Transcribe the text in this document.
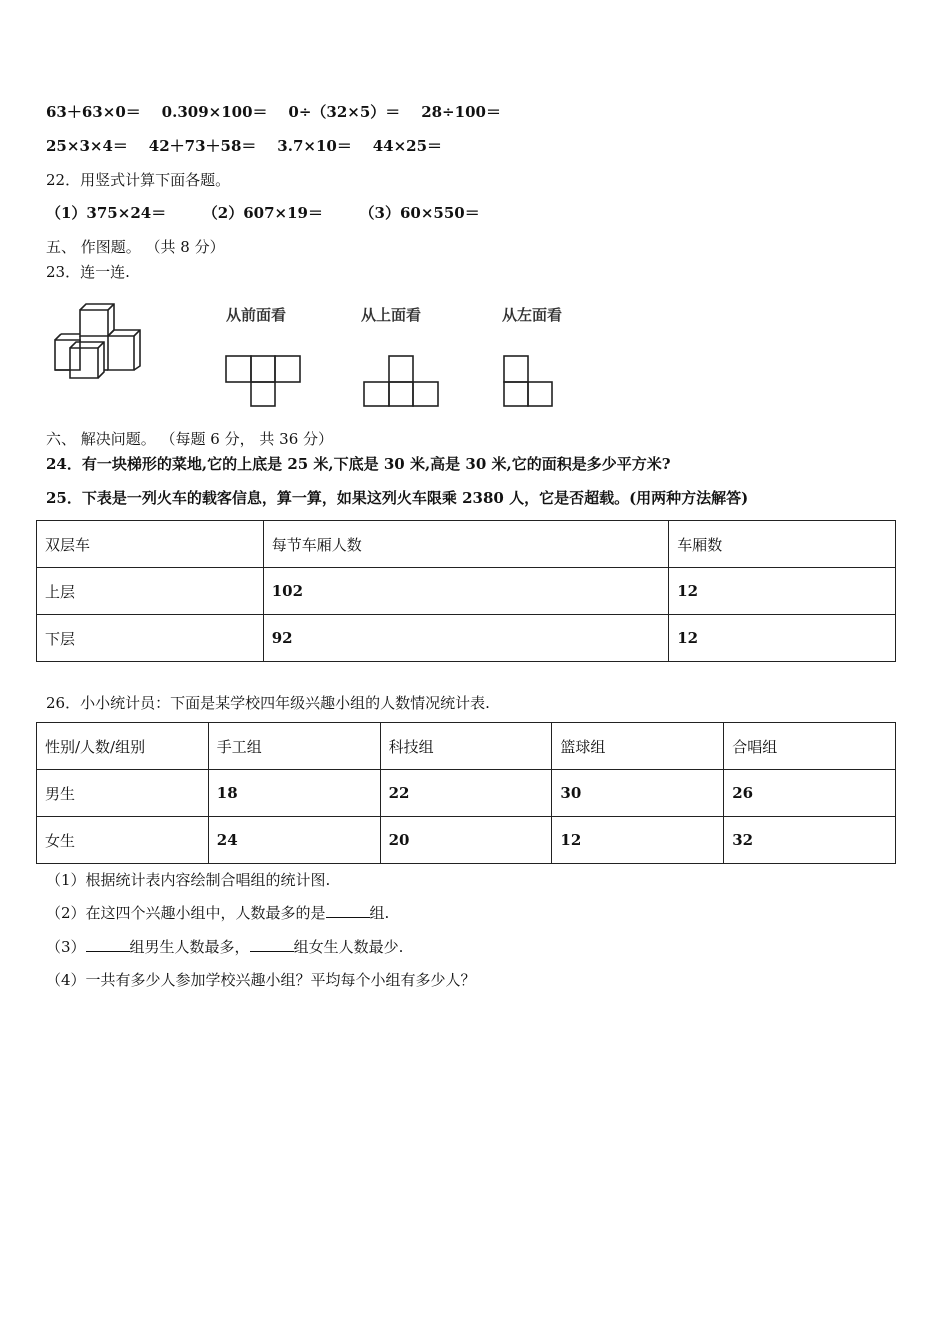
63＋63×0＝ 0.309×100＝ 0÷（32×5）＝ 28÷100＝
25×3×4＝ 42＋73＋58＝ 3.7×10＝ 44×25＝
22．用竖式计算下面各题。
（1）375×24＝ （2）607×19＝ （3）60×550＝
五、 作图题。 （共 8 分）
23．连一连.
从前面看	从上面看	从左面看
六、 解决问题。 （每题 6 分， 共 36 分）
24．有一块梯形的菜地,它的上底是 25 米,下底是 30 米,高是 30 米,它的面积是多少平方米?
25．下表是一列火车的载客信息，算一算，如果这列火车限乘 2380 人，它是否超载。(用两种方法解答)
双层车	每节车厢人数	车厢数
上层	102	12
下层	92	12
26．小小统计员：下面是某学校四年级兴趣小组的人数情况统计表.
性别/人数/组别	手工组	科技组	篮球组	合唱组
男生	18	22	30	26
女生	24	20	12	32
（1）根据统计表内容绘制合唱组的统计图.
（2）在这四个兴趣小组中，人数最多的是	组.
（3）	组男生人数最多，	组女生人数最少.
（4）一共有多少人参加学校兴趣小组？平均每个小组有多少人？
